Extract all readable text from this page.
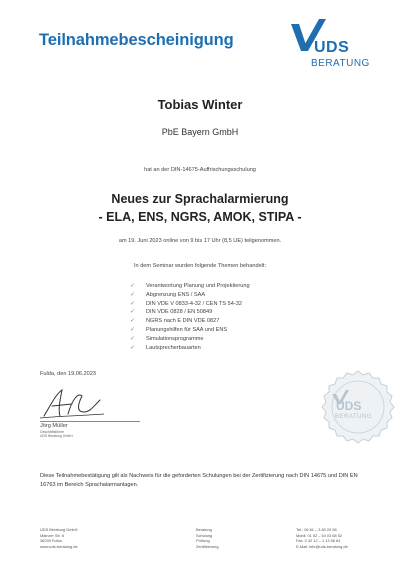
Teilnahmebescheinigung	UDS
BERATUNG
Tobias Winter
PbE Bayern GmbH
hat an der DIN-14675-Auffrischungsschulung
Neues zur Sprachalarmierung
- ELA, ENS, NGRS, AMOK, STIPA -
am 19. Juni 2023 online von 9 bis 17 Uhr (8,5 UE) teilgenommen.
In dem Seminar wurden folgende Themen behandelt:
✓ Verantwortung Planung und Projektierung
✓ Abgrenzung ENS / SAA
✓ DIN VDE V 0833-4-32 / CEN TS 54-32
✓ DIN VDE 0828 / EN 50849
✓ NGRS nach E DIN VDE 0827
✓ Planungshilfen für SAA und ENS
✓ Simulationsprogramme
✓ Lautsprecherbauarten
Fulda, den 19.06.2023
Jörg Müller
Geschäftsführer
UDS Beratung GmbH
UDS
BERATUNG
Diese Teilnahmebestätigung gilt als Nachweis für die geforderten Schulungen bei der Zertifizierung nach DIN 14675 und DIN EN 16763 im Bereich Sprachalarmanlagen.
UDS Beratung GmbH
Mainzer Str. 6
36039 Fulda
www.uds-beratung.de
Beratung
Schulung
Prüfung
Zertifizierung
Tel.: 06 61 – 3 80 25 56
Mobil: 01 52 – 54 03 68 52
Fax: 0 32 12 – 1 13 56 64
E-Mail: info@uds-beratung.de
